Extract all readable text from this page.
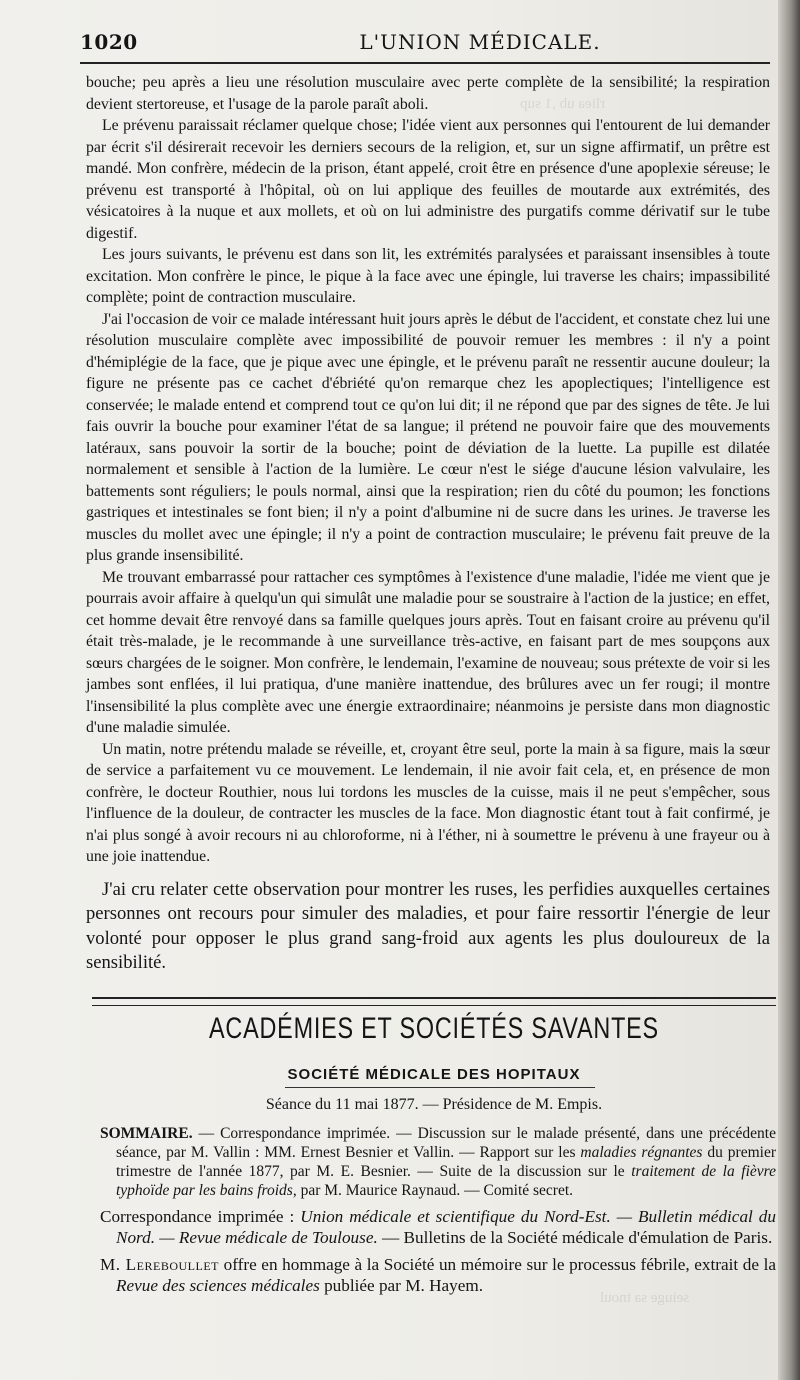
rliea ub ,1 sup
seiuge sa tnoul
1020	L'UNION MÉDICALE.

bouche; peu après a lieu une résolution musculaire avec perte complète de la sensibilité; la respiration devient stertoreuse, et l'usage de la parole paraît aboli.

Le prévenu paraissait réclamer quelque chose; l'idée vient aux personnes qui l'entourent de lui demander par écrit s'il désirerait recevoir les derniers secours de la religion, et, sur un signe affirmatif, un prêtre est mandé. Mon confrère, médecin de la prison, étant appelé, croit être en présence d'une apoplexie séreuse; le prévenu est transporté à l'hôpital, où on lui applique des feuilles de moutarde aux extrémités, des vésicatoires à la nuque et aux mollets, et où on lui administre des purgatifs comme dérivatif sur le tube digestif.

Les jours suivants, le prévenu est dans son lit, les extrémités paralysées et paraissant insensibles à toute excitation. Mon confrère le pince, le pique à la face avec une épingle, lui traverse les chairs; impassibilité complète; point de contraction musculaire.

J'ai l'occasion de voir ce malade intéressant huit jours après le début de l'accident, et constate chez lui une résolution musculaire complète avec impossibilité de pouvoir remuer les membres : il n'y a point d'hémiplégie de la face, que je pique avec une épingle, et le prévenu paraît ne ressentir aucune douleur; la figure ne présente pas ce cachet d'ébriété qu'on remarque chez les apoplectiques; l'intelligence est conservée; le malade entend et comprend tout ce qu'on lui dit; il ne répond que par des signes de tête. Je lui fais ouvrir la bouche pour examiner l'état de sa langue; il prétend ne pouvoir faire que des mouvements latéraux, sans pouvoir la sortir de la bouche; point de déviation de la luette. La pupille est dilatée normalement et sensible à l'action de la lumière. Le cœur n'est le siége d'aucune lésion valvulaire, les battements sont réguliers; le pouls normal, ainsi que la respiration; rien du côté du poumon; les fonctions gastriques et intestinales se font bien; il n'y a point d'albumine ni de sucre dans les urines. Je traverse les muscles du mollet avec une épingle; il n'y a point de contraction musculaire; le prévenu fait preuve de la plus grande insensibilité.

Me trouvant embarrassé pour rattacher ces symptômes à l'existence d'une maladie, l'idée me vient que je pourrais avoir affaire à quelqu'un qui simulât une maladie pour se soustraire à l'action de la justice; en effet, cet homme devait être renvoyé dans sa famille quelques jours après. Tout en faisant croire au prévenu qu'il était très-malade, je le recommande à une surveillance très-active, en faisant part de mes soupçons aux sœurs chargées de le soigner. Mon confrère, le lendemain, l'examine de nouveau; sous prétexte de voir si les jambes sont enflées, il lui pratiqua, d'une manière inattendue, des brûlures avec un fer rougi; il montre l'insensibilité la plus complète avec une énergie extraordinaire; néanmoins je persiste dans mon diagnostic d'une maladie simulée.

Un matin, notre prétendu malade se réveille, et, croyant être seul, porte la main à sa figure, mais la sœur de service a parfaitement vu ce mouvement. Le lendemain, il nie avoir fait cela, et, en présence de mon confrère, le docteur Routhier, nous lui tordons les muscles de la cuisse, mais il ne peut s'empêcher, sous l'influence de la douleur, de contracter les muscles de la face. Mon diagnostic étant tout à fait confirmé, je n'ai plus songé à avoir recours ni au chloroforme, ni à l'éther, ni à soumettre le prévenu à une frayeur ou à une joie inattendue.

J'ai cru relater cette observation pour montrer les ruses, les perfidies auxquelles certaines personnes ont recours pour simuler des maladies, et pour faire ressortir l'énergie de leur volonté pour opposer le plus grand sang-froid aux agents les plus douloureux de la sensibilité.

ACADÉMIES ET SOCIÉTÉS SAVANTES
SOCIÉTÉ MÉDICALE DES HOPITAUX
Séance du 11 mai 1877. — Présidence de M. Empis.

SOMMAIRE. — Correspondance imprimée. — Discussion sur le malade présenté, dans une précédente séance, par M. Vallin : MM. Ernest Besnier et Vallin. — Rapport sur les maladies régnantes du premier trimestre de l'année 1877, par M. E. Besnier. — Suite de la discussion sur le traitement de la fièvre typhoïde par les bains froids, par M. Maurice Raynaud. — Comité secret.

Correspondance imprimée : Union médicale et scientifique du Nord-Est. — Bulletin médical du Nord. — Revue médicale de Toulouse. — Bulletins de la Société médicale d'émulation de Paris.

M. Lereboullet offre en hommage à la Société un mémoire sur le processus fébrile, extrait de la Revue des sciences médicales publiée par M. Hayem.
